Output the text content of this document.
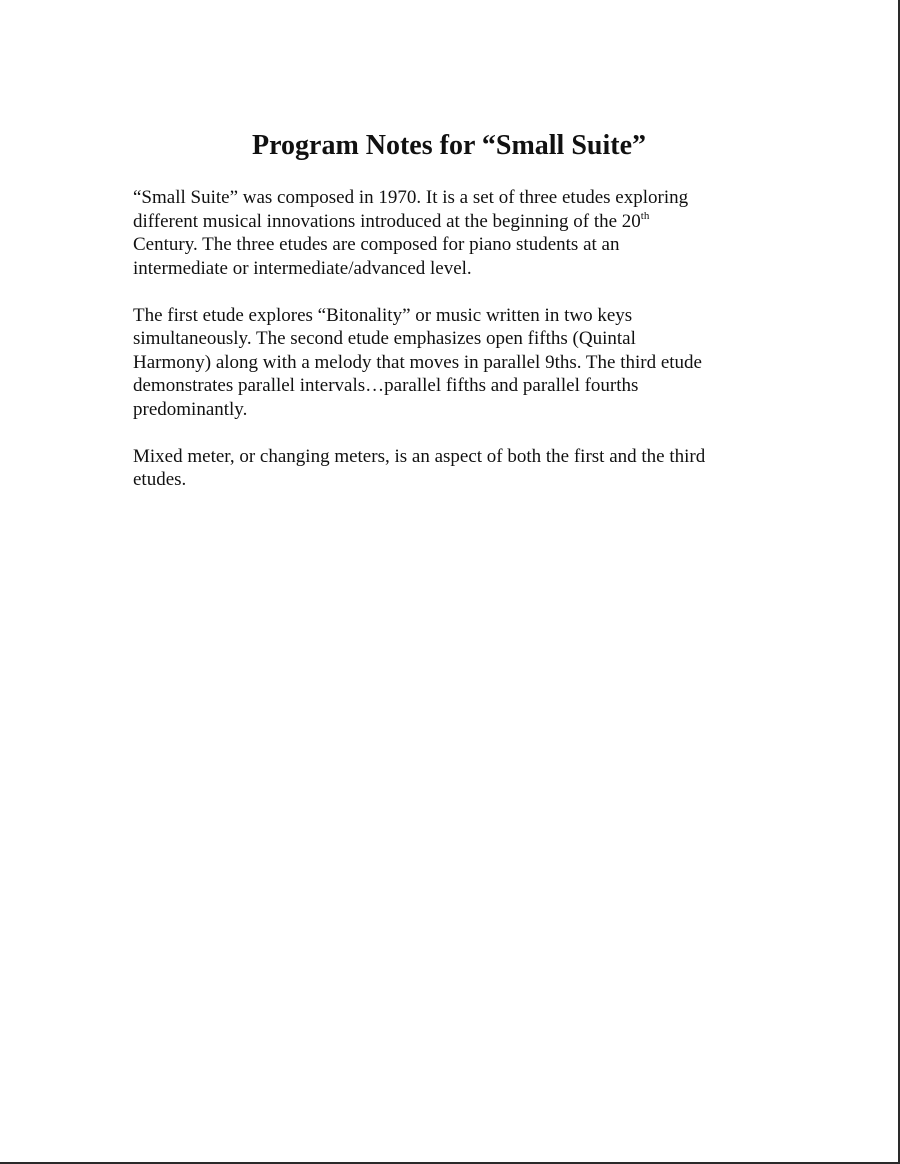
Program Notes for “Small Suite”

“Small Suite” was composed in 1970. It is a set of three etudes exploring
different musical innovations introduced at the beginning of the 20th
Century. The three etudes are composed for piano students at an
intermediate or intermediate/advanced level.

The first etude explores “Bitonality” or music written in two keys
simultaneously. The second etude emphasizes open fifths (Quintal
Harmony) along with a melody that moves in parallel 9ths. The third etude
demonstrates parallel intervals…parallel fifths and parallel fourths
predominantly.

Mixed meter, or changing meters, is an aspect of both the first and the third
etudes.
